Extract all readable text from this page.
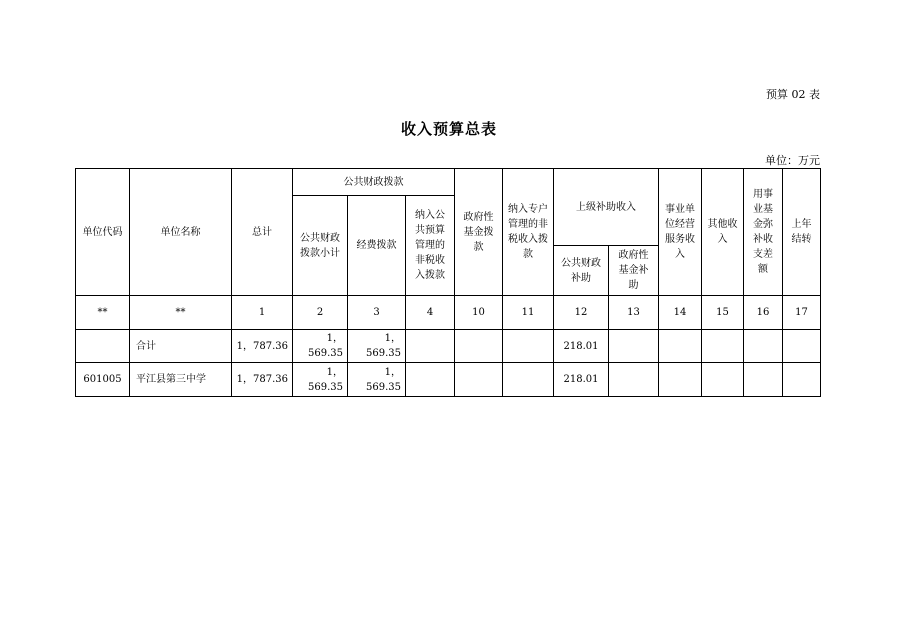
预算 02 表
收入预算总表
单位：万元
单位代码	单位名称	总计	公共财政拨款			政府性基金拨款	纳入专户管理的非税收入拨款	上级补助收入		事业单位经营服务收入	其他收入	用事业基金弥补收支差额	上年结转
			公共财政拨款小计	经费拨款	纳入公共预算管理的非税收入拨款								
								公共财政补助	政府性基金补助				
**	**	1	2	3	4	10	11	12	13	14	15	16	17
	合计	1，787.36	1，569.35	1，569.35				218.01					
601005	平江县第三中学	1，787.36	1，569.35	1，569.35				218.01					
